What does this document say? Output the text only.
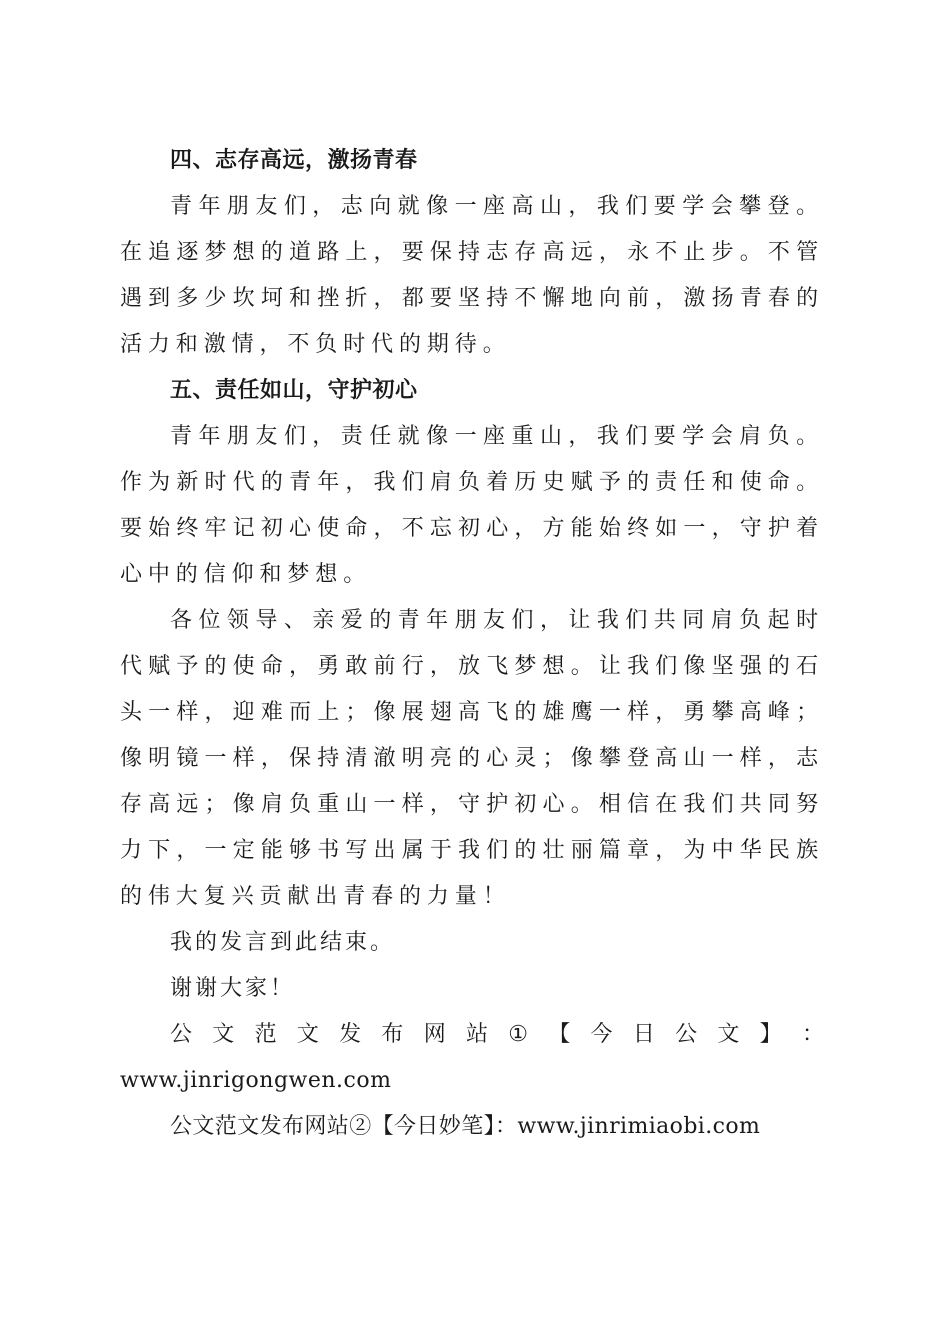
四、志存高远，激扬青春

青年朋友们，志向就像一座高山，我们要学会攀登。在追逐梦想的道路上，要保持志存高远，永不止步。不管遇到多少坎坷和挫折，都要坚持不懈地向前，激扬青春的活力和激情，不负时代的期待。

五、责任如山，守护初心

青年朋友们，责任就像一座重山，我们要学会肩负。作为新时代的青年，我们肩负着历史赋予的责任和使命。要始终牢记初心使命，不忘初心，方能始终如一，守护着心中的信仰和梦想。

各位领导、亲爱的青年朋友们，让我们共同肩负起时代赋予的使命，勇敢前行，放飞梦想。让我们像坚强的石头一样，迎难而上；像展翅高飞的雄鹰一样，勇攀高峰；像明镜一样，保持清澈明亮的心灵；像攀登高山一样，志存高远；像肩负重山一样，守护初心。相信在我们共同努力下，一定能够书写出属于我们的壮丽篇章，为中华民族的伟大复兴贡献出青春的力量！

我的发言到此结束。

谢谢大家！

公 文 范 文 发 布 网 站 ① 【 今 日 公 文 】 ：
www.jinrigongwen.com
公文范文发布网站②【今日妙笔】：www.jinrimiaobi.com
